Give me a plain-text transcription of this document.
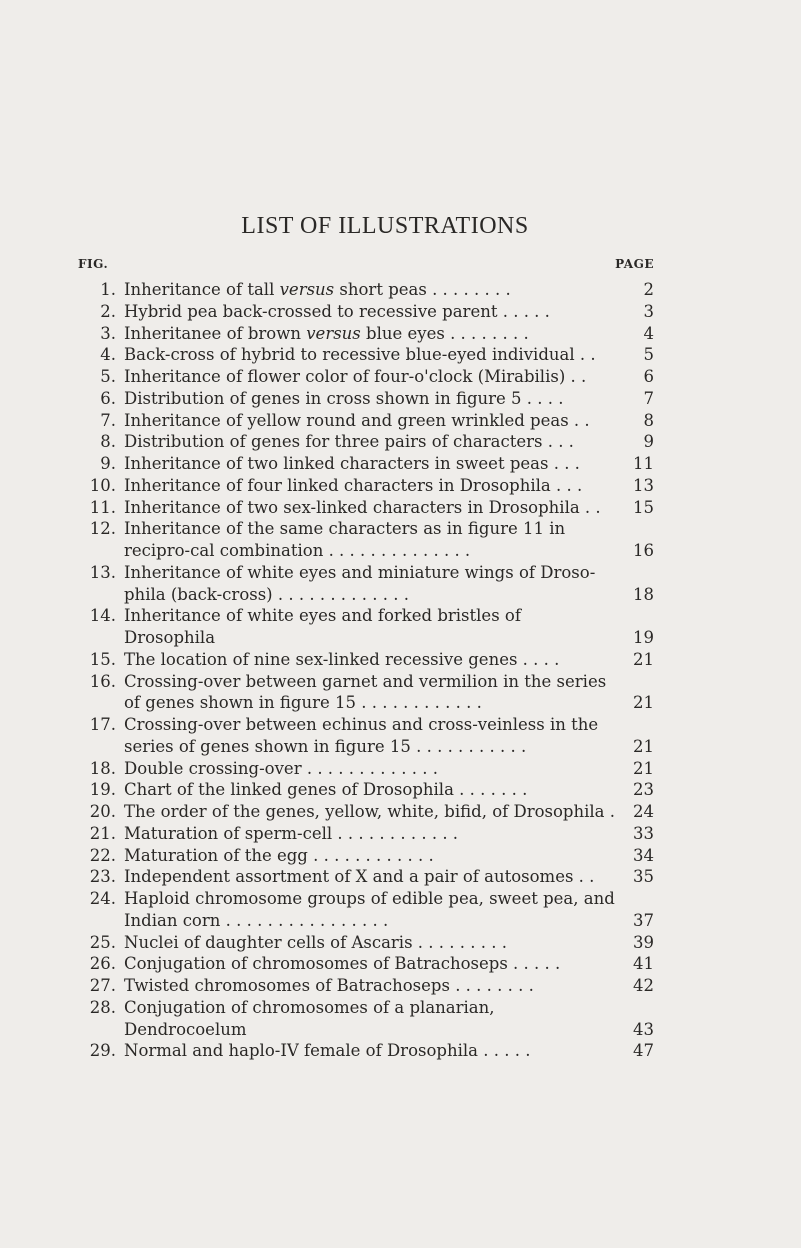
LIST OF ILLUSTRATIONS
FIG.	PAGE
1. Inheritance of tall versus short peas . . . . . . . .	2
2. Hybrid pea back-crossed to recessive parent . . . . .	3
3. Inheritanee of brown versus blue eyes . . . . . . . .	4
4. Back-cross of hybrid to recessive blue-eyed individual . .	5
5. Inheritance of flower color of four-o'clock (Mirabilis) . .	6
6. Distribution of genes in cross shown in figure 5 . . . .	7
7. Inheritance of yellow round and green wrinkled peas . .	8
8. Distribution of genes for three pairs of characters . . .	9
9. Inheritance of two linked characters in sweet peas . . .	11
10. Inheritance of four linked characters in Drosophila . . .	13
11. Inheritance of two sex-linked characters in Drosophila . .	15
12. Inheritance of the same characters as in figure 11 in recipro-cal combination . . . . . . . . . . . . . .	16
13. Inheritance of white eyes and miniature wings of Droso-phila (back-cross) . . . . . . . . . . . . .	18
14. Inheritance of white eyes and forked bristles of Drosophila	19
15. The location of nine sex-linked recessive genes . . . .	21
16. Crossing-over between garnet and vermilion in the series of genes shown in figure 15 . . . . . . . . . . . .	21
17. Crossing-over between echinus and cross-veinless in the series of genes shown in figure 15 . . . . . . . . . . .	21
18. Double crossing-over . . . . . . . . . . . . .	21
19. Chart of the linked genes of Drosophila . . . . . . .	23
20. The order of the genes, yellow, white, bifid, of Drosophila .	24
21. Maturation of sperm-cell . . . . . . . . . . . .	33
22. Maturation of the egg . . . . . . . . . . . .	34
23. Independent assortment of X and a pair of autosomes . .	35
24. Haploid chromosome groups of edible pea, sweet pea, and Indian corn . . . . . . . . . . . . . . . .	37
25. Nuclei of daughter cells of Ascaris . . . . . . . . .	39
26. Conjugation of chromosomes of Batrachoseps . . . . .	41
27. Twisted chromosomes of Batrachoseps . . . . . . . .	42
28. Conjugation of chromosomes of a planarian, Dendrocoelum	43
29. Normal and haplo-IV female of Drosophila . . . . .	47
